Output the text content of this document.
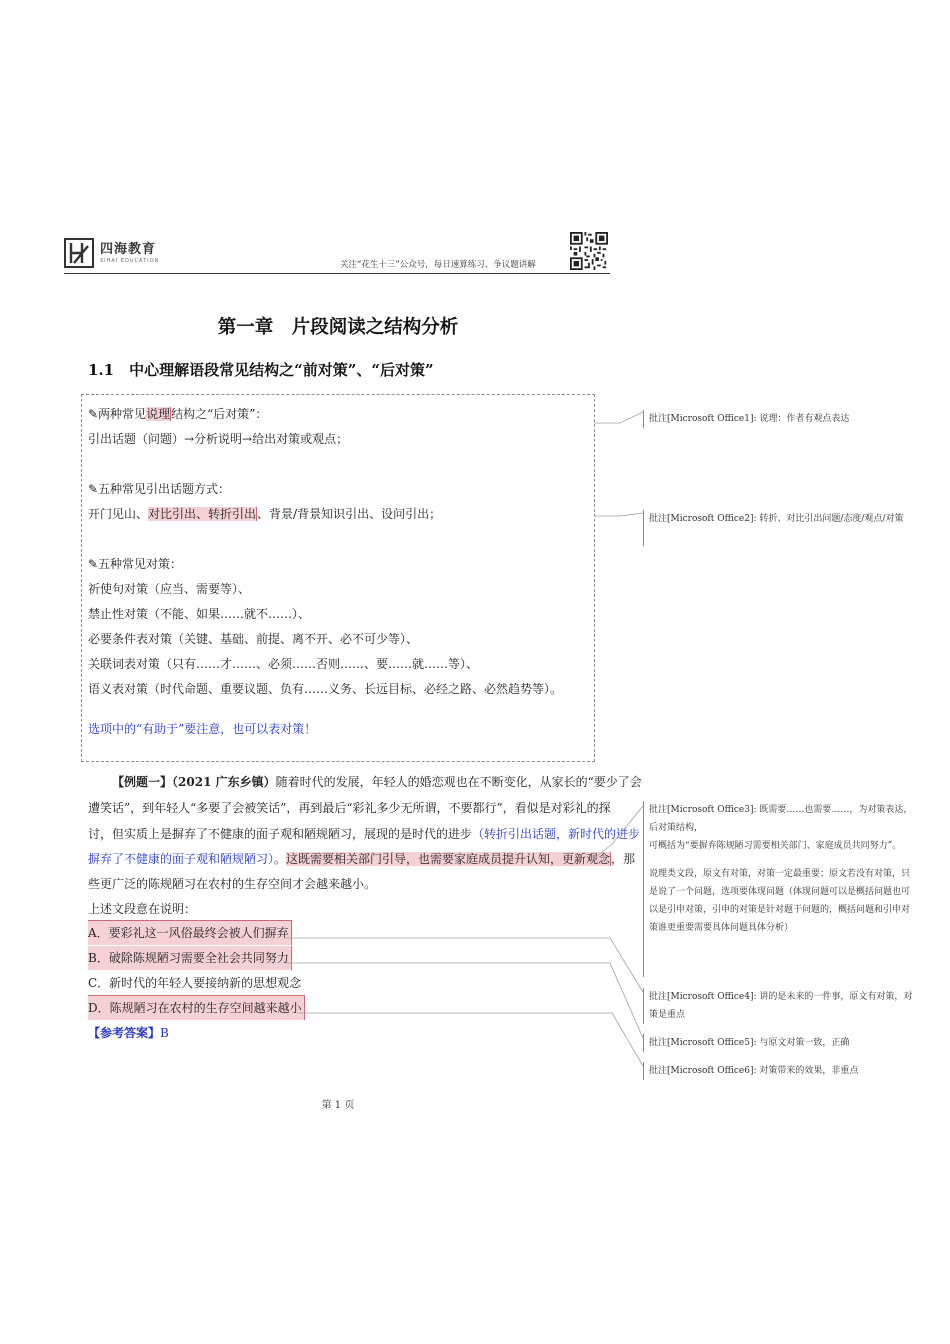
四海教育
SIHAI EDUCATION	关注“花生十三”公众号，每日速算练习、争议题讲解
第一章　片段阅读之结构分析
1.1　中心理解语段常见结构之“前对策”、“后对策”
✎两种常见说理结构之“后对策”：
引出话题（问题）→分析说明→给出对策或观点；
✎五种常见引出话题方式：
开门见山、对比引出、转折引出、背景/背景知识引出、设问引出；
✎五种常见对策：
祈使句对策（应当、需要等）、
禁止性对策（不能、如果……就不……）、
必要条件表对策（关键、基础、前提、离不开、必不可少等）、
关联词表对策（只有……才……、必须……否则……、要……就……等）、
语义表对策（时代命题、重要议题、负有……义务、长远目标、必经之路、必然趋势等）。
选项中的“有助于”要注意，也可以表对策！
【例题一】（2021 广东乡镇）随着时代的发展，年轻人的婚恋观也在不断变化，从家长的“要少了会
遭笑话”，到年轻人“多要了会被笑话”，再到最后“彩礼多少无所谓，不要都行”，看似是对彩礼的探
讨，但实质上是摒弃了不健康的面子观和陋规陋习，展现的是时代的进步（转折引出话题，新时代的进步
摒弃了不健康的面子观和陋规陋习）。这既需要相关部门引导，也需要家庭成员提升认知，更新观念，那
些更广泛的陈规陋习在农村的生存空间才会越来越小。
上述文段意在说明：
A．要彩礼这一风俗最终会被人们摒弃
B．破除陈规陋习需要全社会共同努力
C．新时代的年轻人要接纳新的思想观念
D．陈规陋习在农村的生存空间越来越小
【参考答案】B
批注[Microsoft Office1]: 说理：作者有观点表达
批注[Microsoft Office2]: 转折、对比引出问题/态度/观点/对策
批注[Microsoft Office3]: 既需要……也需要……，为对策表达，后对策结构，
可概括为“要摒弃陈规陋习需要相关部门、家庭成员共同努力”。
说理类文段，原文有对策，对策一定最重要；原文若没有对策，只是说了一个问题，选项要体现问题（体现问题可以是概括问题也可以是引申对策，引申的对策是针对题干问题的，概括问题和引申对策谁更重要需要具体问题具体分析）
批注[Microsoft Office4]: 讲的是未来的一件事，原文有对策，对策是重点
批注[Microsoft Office5]: 与原文对策一致，正确
批注[Microsoft Office6]: 对策带来的效果，非重点
第 1 页
